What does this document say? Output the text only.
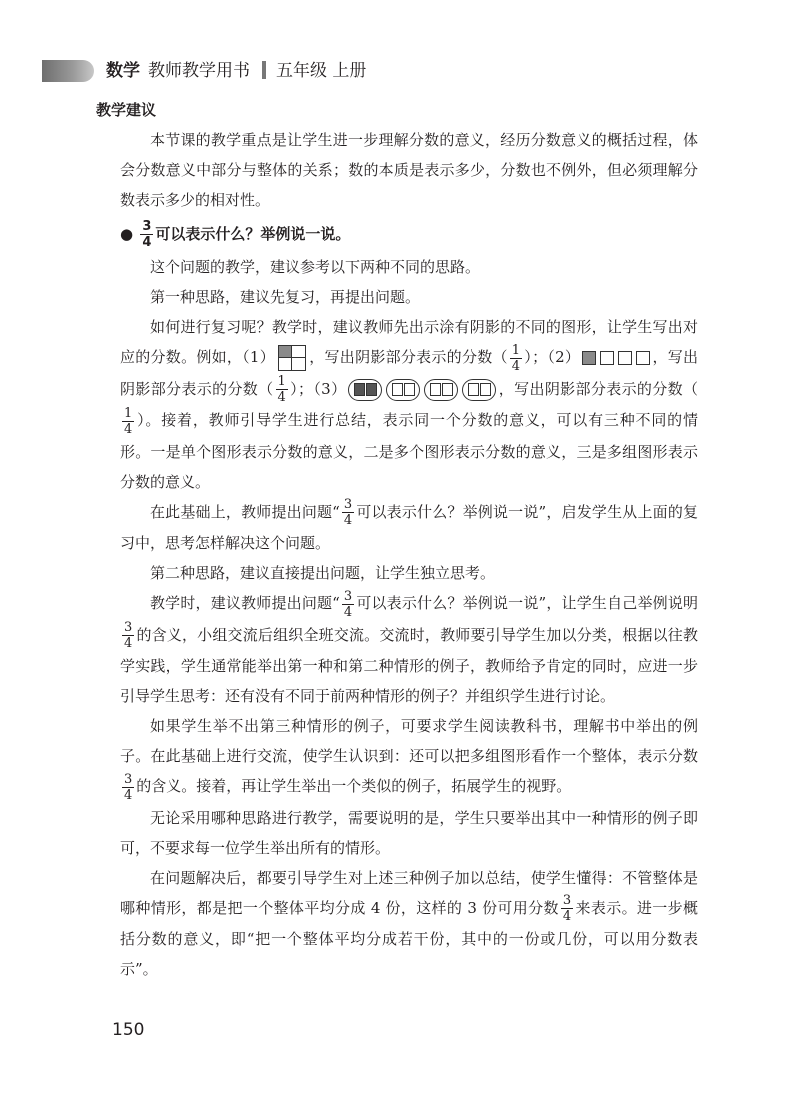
数学 教师教学用书 五年级 上册
教学建议

本节课的教学重点是让学生进一步理解分数的意义，经历分数意义的概括过程，体会分数意义中部分与整体的关系；数的本质是表示多少，分数也不例外，但必须理解分数表示多少的相对性。

● $\frac{3}{4}$ 可以表示什么？举例说一说。

这个问题的教学，建议参考以下两种不同的思路。

第一种思路，建议先复习，再提出问题。

如何进行复习呢？教学时，建议教师先出示涂有阴影的不同的图形，让学生写出对应的分数。例如，（1） ，写出阴影部分表示的分数（ $\frac{1}{4}$ ）；（2）	，写出阴影部分表示的分数（ $\frac{1}{4}$ ）；（3）	，写出阴影部分表示的分数（
$\frac{1}{4}$ ）。接着，教师引导学生进行总结，表示同一个分数的意义，可以有三种不同的情形。一是单个图形表示分数的意义，二是多个图形表示分数的意义，三是多组图形表示分数的意义。

在此基础上，教师提出问题“ $\frac{3}{4}$ 可以表示什么？举例说一说”，启发学生从上面的复习中，思考怎样解决这个问题。

第二种思路，建议直接提出问题，让学生独立思考。

教学时，建议教师提出问题“ $\frac{3}{4}$ 可以表示什么？举例说一说”，让学生自己举例说明
$\frac{3}{4}$ 的含义，小组交流后组织全班交流。交流时，教师要引导学生加以分类，根据以往教学实践，学生通常能举出第一种和第二种情形的例子，教师给予肯定的同时，应进一步引导学生思考：还有没有不同于前两种情形的例子？并组织学生进行讨论。

如果学生举不出第三种情形的例子，可要求学生阅读教科书，理解书中举出的例子。在此基础上进行交流，使学生认识到：还可以把多组图形看作一个整体，表示分数
$\frac{3}{4}$ 的含义。接着，再让学生举出一个类似的例子，拓展学生的视野。

无论采用哪种思路进行教学，需要说明的是，学生只要举出其中一种情形的例子即可，不要求每一位学生举出所有的情形。

在问题解决后，都要引导学生对上述三种例子加以总结，使学生懂得：不管整体是哪种情形，都是把一个整体平均分成 4 份，这样的 3 份可用分数 $\frac{3}{4}$ 来表示。进一步概括分数的意义，即“把一个整体平均分成若干份，其中的一份或几份，可以用分数表示”。

150
